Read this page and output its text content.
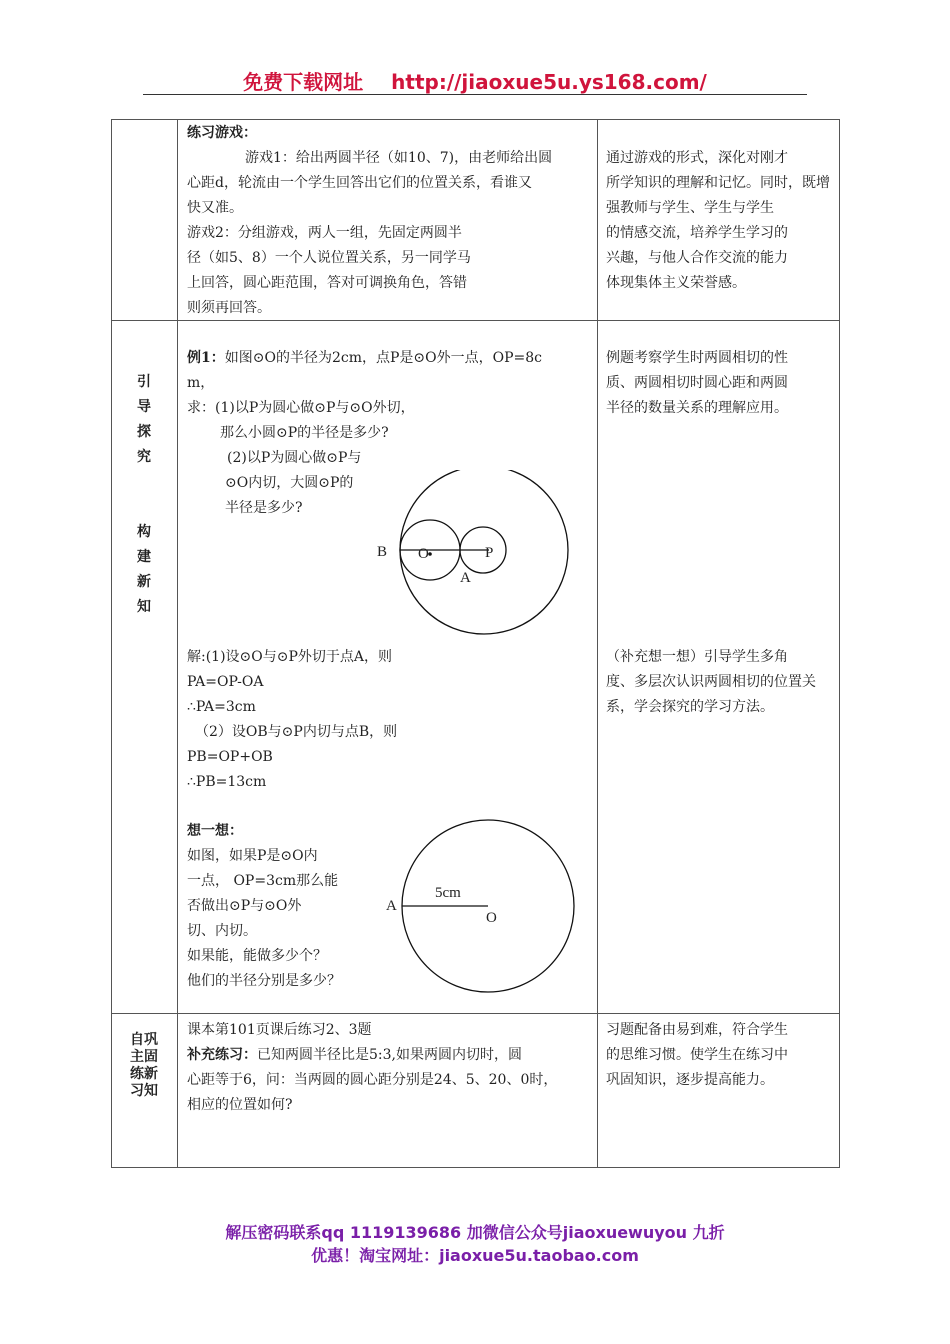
免费下载网址 http://jiaoxue5u.ys168.com/
练习游戏：
游戏1：给出两圆半径（如10、7)，由老师给出圆
心距d，轮流由一个学生回答出它们的位置关系，看谁又
快又准。
游戏2：分组游戏，两人一组，先固定两圆半
径（如5、8）一个人说位置关系，另一同学马
上回答，圆心距范围，答对可调换角色，答错
则须再回答。
通过游戏的形式，深化对刚才
所学知识的理解和记忆。同时，既增
强教师与学生、学生与学生
的情感交流，培养学生学习的
兴趣，与他人合作交流的能力
体现集体主义荣誉感。
引
导
探
究
构
建
新
知
例1：如图⊙O的半径为2cm，点P是⊙O外一点，OP=8c
m，
求：(1)以P为圆心做⊙P与⊙O外切，
那么小圆⊙P的半径是多少?
(2)以P为圆心做⊙P与
⊙O内切，大圆⊙P的
半径是多少?
B O	P
A
解:(1)设⊙O与⊙P外切于点A，则
PA=OP-OA
∴PA=3cm
（2）设OB与⊙P内切与点B，则
PB=OP+OB
∴PB=13cm
想一想：
如图，如果P是⊙O内
一点， OP=3cm那么能
否做出⊙P与⊙O外
切、内切。
如果能，能做多少个？
他们的半径分别是多少？
A
5cm
O
例题考察学生时两圆相切的性
质、两圆相切时圆心距和两圆
半径的数量关系的理解应用。
（补充想一想）引导学生多角
度、多层次认识两圆相切的位置关
系，学会探究的学习方法。
自巩
主固
练新
习知
课本第101页课后练习2、3题
补充练习：已知两圆半径比是5:3,如果两圆内切时，圆
心距等于6，问：当两圆的圆心距分别是24、5、20、0时，
相应的位置如何?
习题配备由易到难，符合学生
的思维习惯。使学生在练习中
巩固知识，逐步提高能力。
解压密码联系qq 1119139686 加微信公众号jiaoxuewuyou 九折
优惠！淘宝网址：jiaoxue5u.taobao.com
